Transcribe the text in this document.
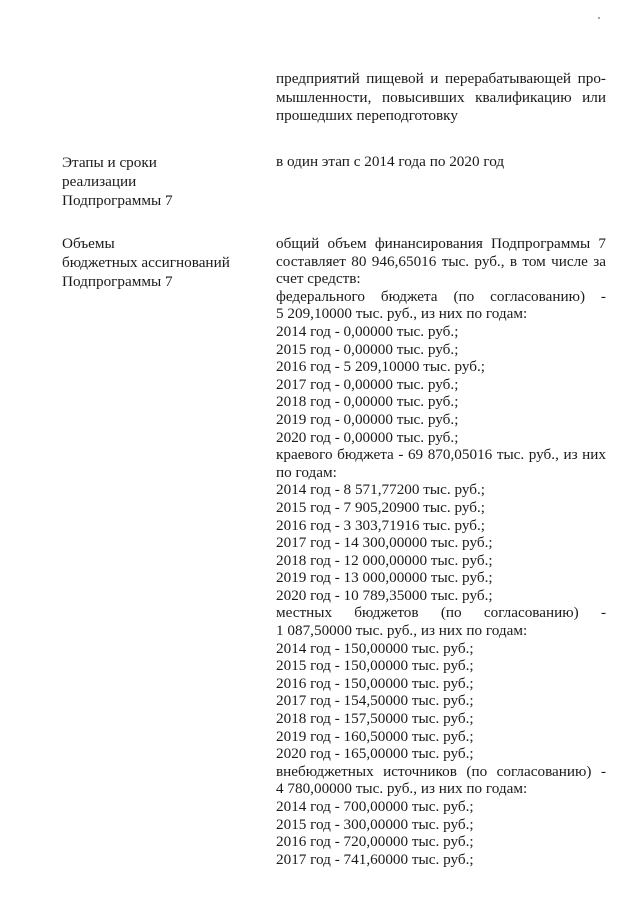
предприятий пищевой и перерабатывающей про-
мышленности, повысивших квалификацию или
прошедших переподготовку
Этапы и сроки
реализации
Подпрограммы 7
в один этап с 2014 года по 2020 год
Объемы
бюджетных ассигнований
Подпрограммы 7
общий объем финансирования Подпрограммы 7
составляет 80 946,65016 тыс. руб., в том числе за
счет средств:
федерального бюджета (по согласованию) -
5 209,10000 тыс. руб., из них по годам:
2014 год - 0,00000 тыс. руб.;
2015 год - 0,00000 тыс. руб.;
2016 год - 5 209,10000 тыс. руб.;
2017 год - 0,00000 тыс. руб.;
2018 год - 0,00000 тыс. руб.;
2019 год - 0,00000 тыс. руб.;
2020 год - 0,00000 тыс. руб.;
краевого бюджета - 69 870,05016 тыс. руб., из них
по годам:
2014 год - 8 571,77200 тыс. руб.;
2015 год - 7 905,20900 тыс. руб.;
2016 год - 3 303,71916 тыс. руб.;
2017 год - 14 300,00000 тыс. руб.;
2018 год - 12 000,00000 тыс. руб.;
2019 год - 13 000,00000 тыс. руб.;
2020 год - 10 789,35000 тыс. руб.;
местных бюджетов (по согласованию) -
1 087,50000 тыс. руб., из них по годам:
2014 год - 150,00000 тыс. руб.;
2015 год - 150,00000 тыс. руб.;
2016 год - 150,00000 тыс. руб.;
2017 год - 154,50000 тыс. руб.;
2018 год - 157,50000 тыс. руб.;
2019 год - 160,50000 тыс. руб.;
2020 год - 165,00000 тыс. руб.;
внебюджетных источников (по согласованию) -
4 780,00000 тыс. руб., из них по годам:
2014 год - 700,00000 тыс. руб.;
2015 год - 300,00000 тыс. руб.;
2016 год - 720,00000 тыс. руб.;
2017 год - 741,60000 тыс. руб.;
